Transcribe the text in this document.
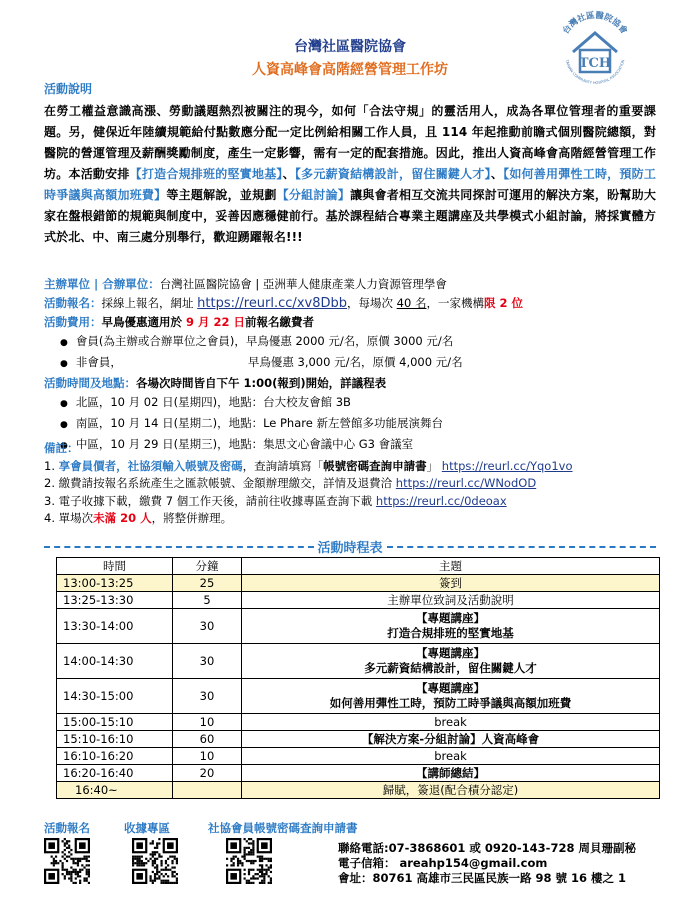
台灣社區醫院協會
人資高峰會高階經營管理工作坊
台灣社區醫院協會
TAIWAN COMMUNITY HOSPITAL ASSOCIATION
TCH
活動說明
在勞工權益意識高漲、勞動議題熱烈被關注的現今，如何「合法守規」的靈活用人，成為各單位管理者的重要課題。另，健保近年陸續規範給付點數應分配一定比例給相關工作人員，且 114 年起推動前瞻式個別醫院總額，對醫院的營運管理及薪酬獎勵制度，產生一定影響，需有一定的配套措施。因此，推出人資高峰會高階經營管理工作坊。本活動安排【打造合規排班的堅實地基】、【多元薪資結構設計，留住關鍵人才】、【如何善用彈性工時，預防工時爭議與高額加班費】等主題解說，並規劃【分組討論】讓與會者相互交流共同探討可運用的解決方案，盼幫助大家在盤根錯節的規範與制度中，妥善因應穩健前行。基於課程結合專業主題講座及共學模式小組討論，將採實體方式於北、中、南三處分別舉行，歡迎踴躍報名!!!
主辦單位 | 合辦單位：台灣社區醫院協會 | 亞洲華人健康產業人力資源管理學會
活動報名：採線上報名，網址 https://reurl.cc/xv8Dbb，每場次 40 名，一家機構限 2 位
活動費用：早鳥優惠適用於 9 月 22 日前報名繳費者
● 會員(為主辦或合辦單位之會員)，早鳥優惠 2000 元/名，原價 3000 元/名
● 非會員，	早鳥優惠 3,000 元/名，原價 4,000 元/名
活動時間及地點：各場次時間皆自下午 1:00(報到)開始，詳議程表
● 北區，10 月 02 日(星期四)，地點：台大校友會館 3B
● 南區，10 月 14 日(星期二)，地點：Le Phare 新左營館多功能展演舞台
● 中區，10 月 29 日(星期三)，地點：集思文心會議中心 G3 會議室
備註：
1. 享會員價者，社協須輸入帳號及密碼，查詢請填寫「帳號密碼查詢申請書」 https://reurl.cc/Yqo1vo
2. 繳費請按報名系統產生之匯款帳號、金額辦理繳交，詳情及退費洽 https://reurl.cc/WNodOD
3. 電子收據下載，繳費 7 個工作天後，請前往收據專區查詢下載 https://reurl.cc/0deoax
4. 單場次未滿 20 人，將整併辦理。
活動時程表
時間	分鐘	主題
13:00-13:25	25	簽到

13:25-13:30	5	主辦單位致詞及活動說明

13:30-14:00	30	【專題講座】
打造合規排班的堅實地基

14:00-14:30	30	【專題講座】
多元薪資結構設計，留住關鍵人才

14:30-15:00	30	【專題講座】
如何善用彈性工時，預防工時爭議與高額加班費

15:00-15:10	10	break

15:10-16:10	60	【解決方案-分組討論】人資高峰會

16:10-16:20	10	break

16:20-16:40	20	【講師總結】

16:40~		歸賦，簽退(配合積分認定)
活動報名	收據專區	社協會員帳號密碼查詢申請書
聯絡電話:07-3868601 或 0920-143-728 周貝珊副秘
電子信箱： areahp154@gmail.com
會址：80761 高雄市三民區民族一路 98 號 16 樓之 1
